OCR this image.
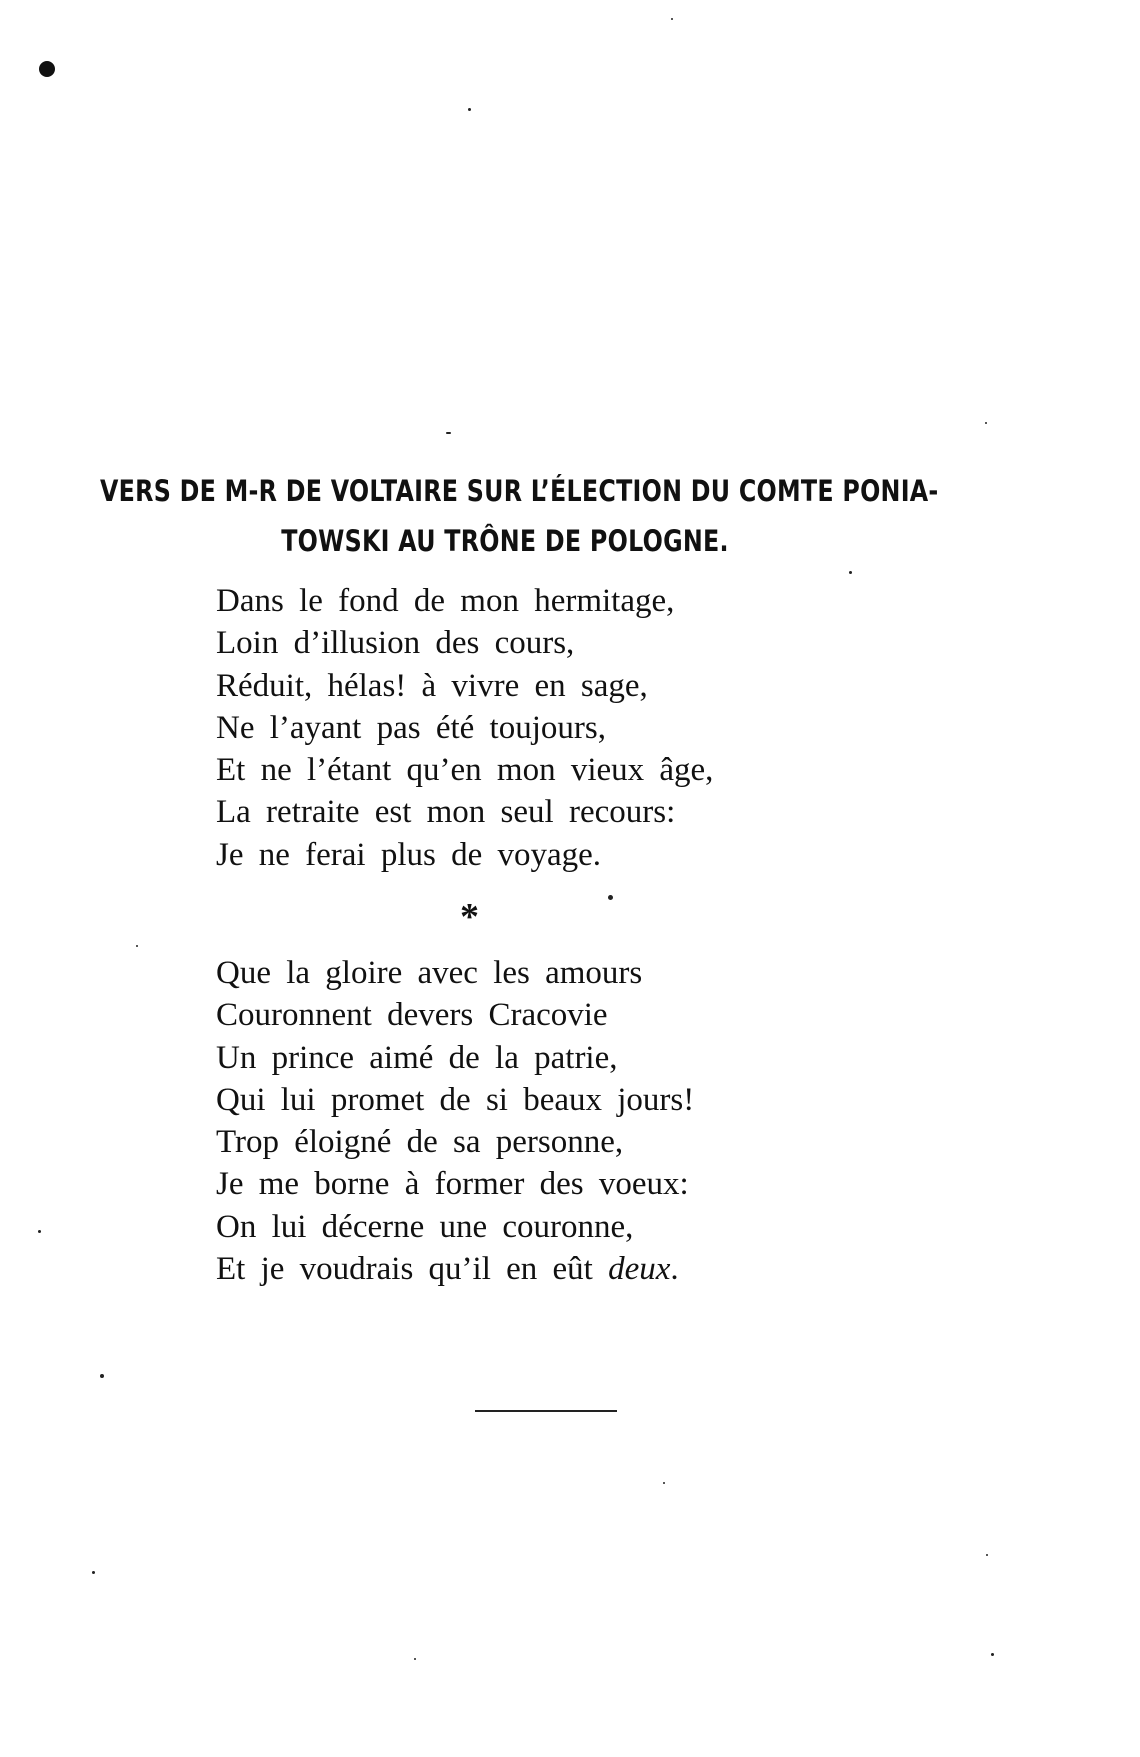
VERS DE M-R DE VOLTAIRE SUR L’ÉLECTION DU COMTE PONIA-
TOWSKI AU TRÔNE DE POLOGNE.
Dans le fond de mon hermitage,
Loin d’illusion des cours,
Réduit, hélas! à vivre en sage,
Ne l’ayant pas été toujours,
Et ne l’étant qu’en mon vieux âge,
La retraite est mon seul recours:
Je ne ferai plus de voyage.
*
Que la gloire avec les amours
Couronnent devers Cracovie
Un prince aimé de la patrie,
Qui lui promet de si beaux jours!
Trop éloigné de sa personne,
Je me borne à former des voeux:
On lui décerne une couronne,
Et je voudrais qu’il en eût deux.
